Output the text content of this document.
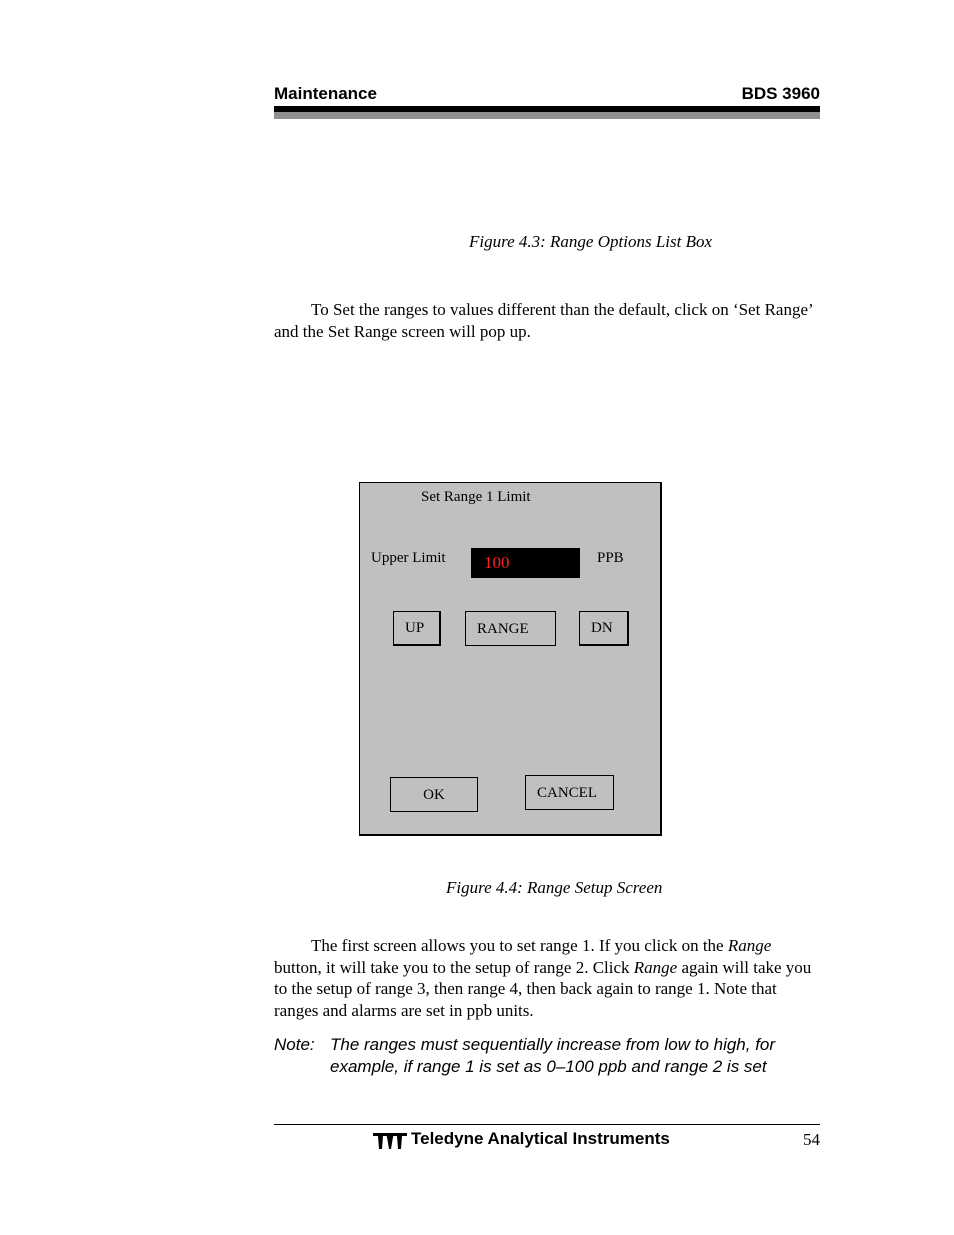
Maintenance	BDS 3960
Figure 4.3: Range Options List Box

To Set the ranges to values different than the default, click on ‘Set Range’ and the Set Range screen will pop up.

Set Range 1 Limit
Upper Limit	100	PPB
UP	RANGE	DN
OK	CANCEL
Figure 4.4: Range Setup Screen

The first screen allows you to set range 1. If you click on the Range button, it will take you to the setup of range 2. Click Range again will take you to the setup of range 3, then range 4, then back again to range 1. Note that ranges and alarms are set in ppb units.

Note: The ranges must sequentially increase from low to high, for example, if range 1 is set as 0–100 ppb and range 2 is set
Teledyne Analytical Instruments	54
